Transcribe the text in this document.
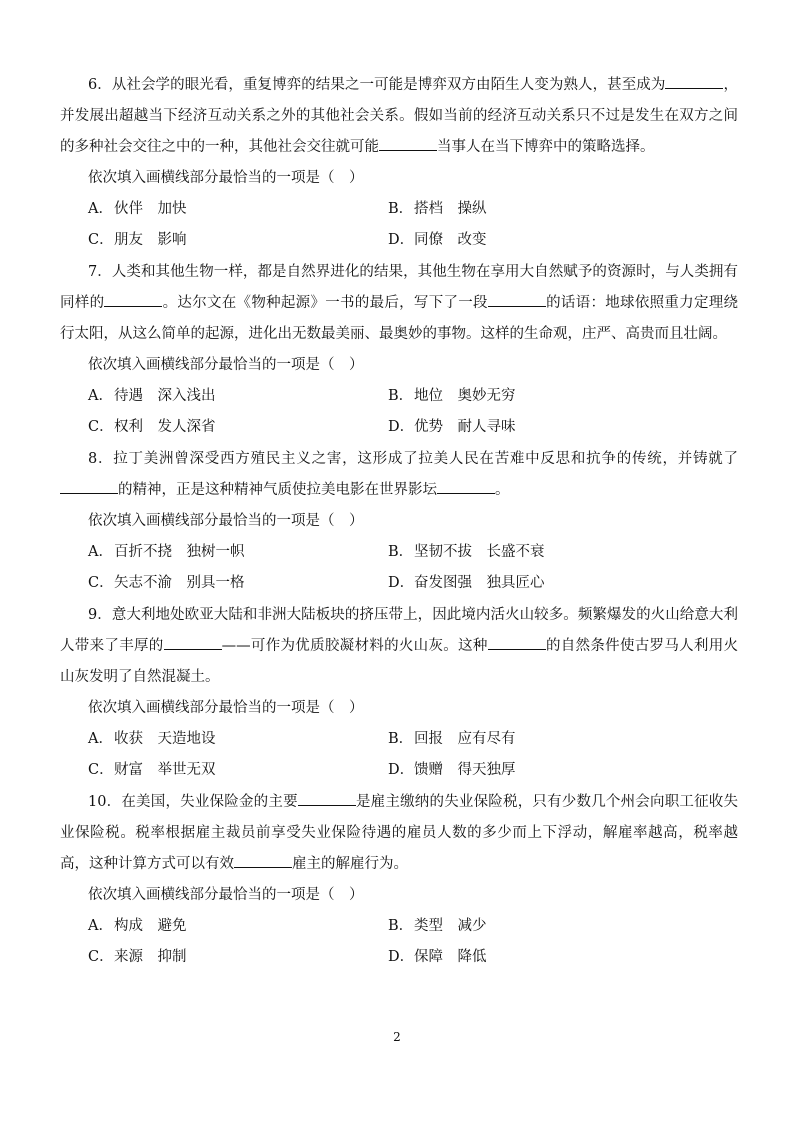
6．从社会学的眼光看，重复博弈的结果之一可能是博弈双方由陌生人变为熟人，甚至成为	，并发展出超越当下经济互动关系之外的其他社会关系。假如当前的经济互动关系只不过是发生在双方之间的多种社会交往之中的一种，其他社会交往就可能	当事人在当下博弈中的策略选择。
依次填入画横线部分最恰当的一项是（　）
A．伙伴　加快	B．搭档　操纵
C．朋友　影响	D．同僚　改变
7．人类和其他生物一样，都是自然界进化的结果，其他生物在享用大自然赋予的资源时，与人类拥有同样的	。达尔文在《物种起源》一书的最后，写下了一段	的话语：地球依照重力定理绕行太阳，从这么简单的起源，进化出无数最美丽、最奥妙的事物。这样的生命观，庄严、高贵而且壮阔。
依次填入画横线部分最恰当的一项是（　）
A．待遇　深入浅出	B．地位　奥妙无穷
C．权利　发人深省	D．优势　耐人寻味
8．拉丁美洲曾深受西方殖民主义之害，这形成了拉美人民在苦难中反思和抗争的传统，并铸就了的精神，正是这种精神气质使拉美电影在世界影坛	。
依次填入画横线部分最恰当的一项是（　）
A．百折不挠　独树一帜	B．坚韧不拔　长盛不衰
C．矢志不渝　别具一格	D．奋发图强　独具匠心
9．意大利地处欧亚大陆和非洲大陆板块的挤压带上，因此境内活火山较多。频繁爆发的火山给意大利人带来了丰厚的	——可作为优质胶凝材料的火山灰。这种	的自然条件使古罗马人利用火山灰发明了自然混凝土。
依次填入画横线部分最恰当的一项是（　）
A．收获　天造地设	B．回报　应有尽有
C．财富　举世无双	D．馈赠　得天独厚
10．在美国，失业保险金的主要	是雇主缴纳的失业保险税，只有少数几个州会向职工征收失业保险税。税率根据雇主裁员前享受失业保险待遇的雇员人数的多少而上下浮动，解雇率越高，税率越高，这种计算方式可以有效	雇主的解雇行为。
依次填入画横线部分最恰当的一项是（　）
A．构成　避免	B．类型　减少
C．来源　抑制	D．保障　降低
2
